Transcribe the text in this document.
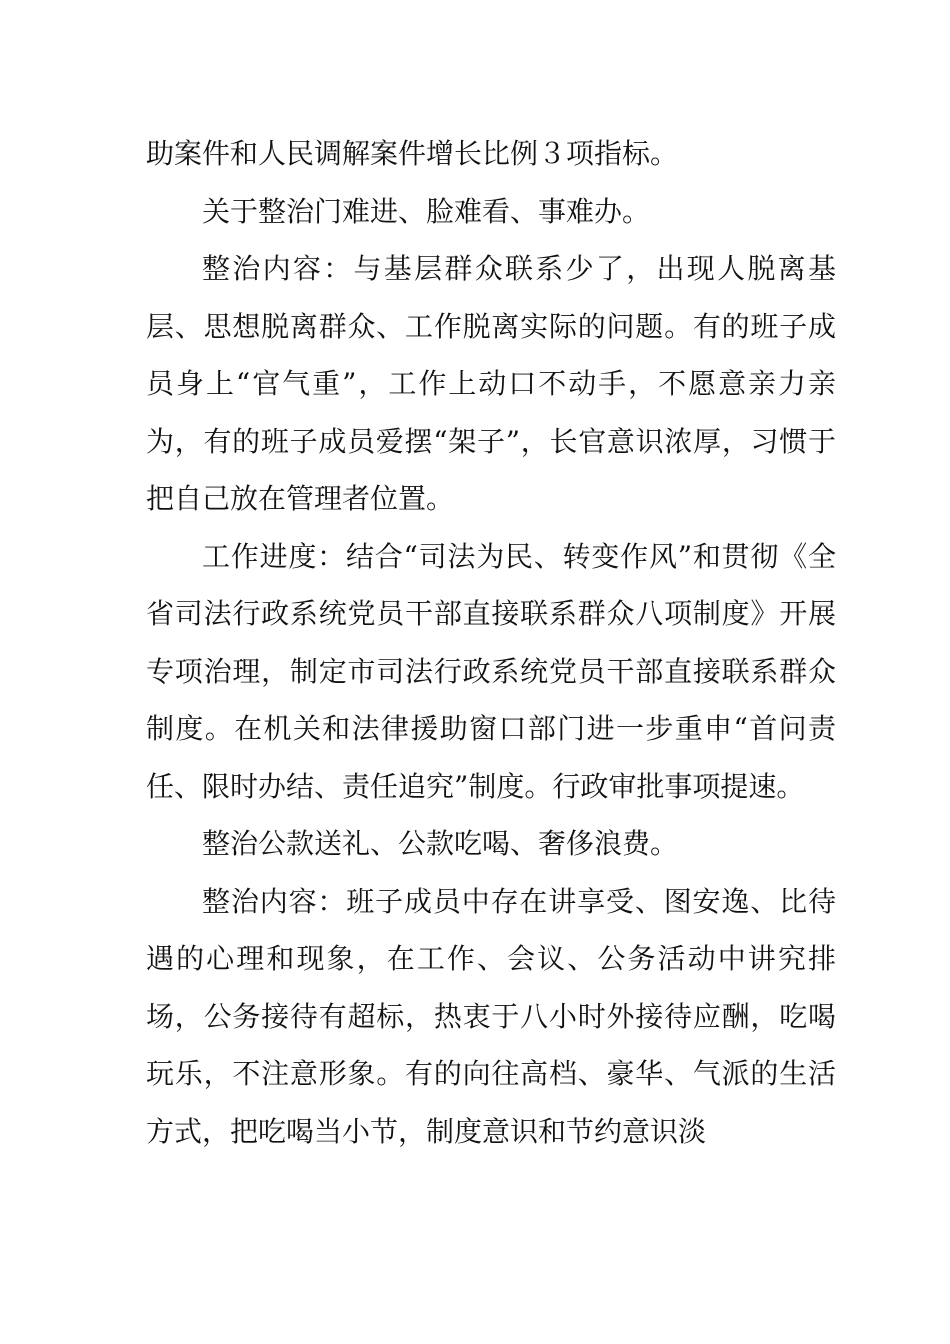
助案件和人民调解案件增长比例３项指标。

关于整治门难进、脸难看、事难办。

整治内容：与基层群众联系少了，出现人脱离基层、思想脱离群众、工作脱离实际的问题。有的班子成员身上“官气重”，工作上动口不动手，不愿意亲力亲为，有的班子成员爱摆“架子”，长官意识浓厚，习惯于把自己放在管理者位置。

工作进度：结合“司法为民、转变作风”和贯彻《全省司法行政系统党员干部直接联系群众八项制度》开展专项治理，制定市司法行政系统党员干部直接联系群众制度。在机关和法律援助窗口部门进一步重申“首问责任、限时办结、责任追究”制度。行政审批事项提速。

整治公款送礼、公款吃喝、奢侈浪费。

整治内容：班子成员中存在讲享受、图安逸、比待遇的心理和现象，在工作、会议、公务活动中讲究排场，公务接待有超标，热衷于八小时外接待应酬，吃喝玩乐，不注意形象。有的向往高档、豪华、气派的生活方式，把吃喝当小节，制度意识和节约意识淡
